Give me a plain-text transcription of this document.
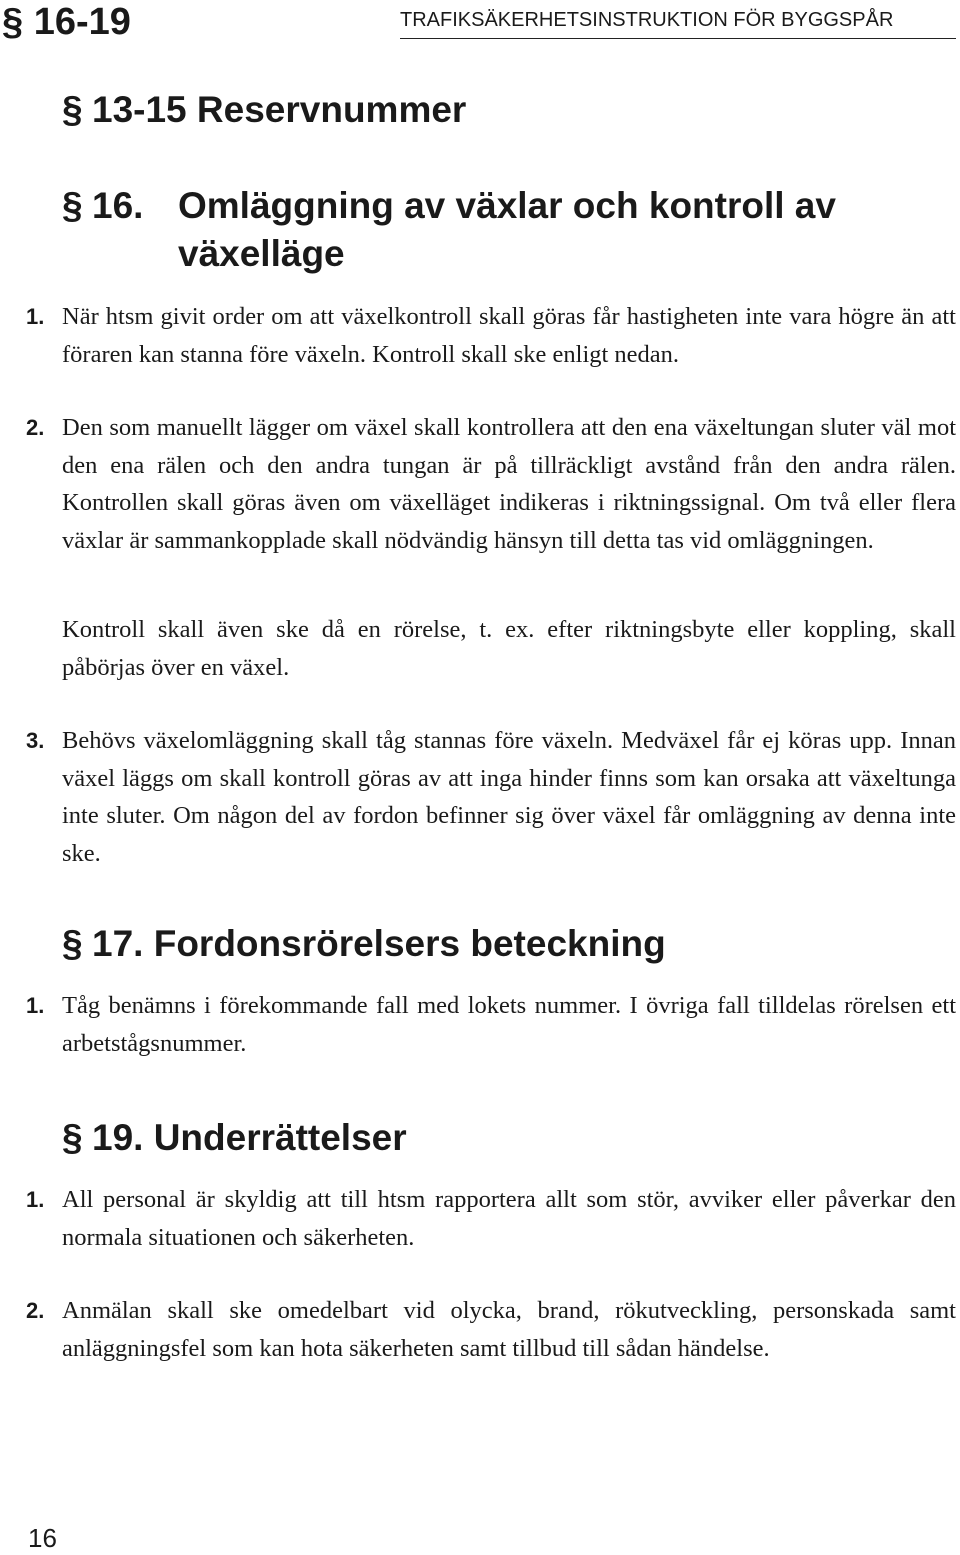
§ 16-19	TRAFIKSÄKERHETSINSTRUKTION FÖR BYGGSPÅR
§ 13-15 Reservnummer
§ 16. Omläggning av växlar och kontroll av
växelläge
1. När htsm givit order om att växelkontroll skall göras får hastigheten inte vara högre än att föraren kan stanna före växeln. Kontroll skall ske enligt nedan.
2. Den som manuellt lägger om växel skall kontrollera att den ena växeltungan sluter väl mot den ena rälen och den andra tungan är på tillräckligt avstånd från den andra rälen. Kontrollen skall göras även om växelläget indikeras i riktningssignal. Om två eller flera växlar är sammankopplade skall nödvändig hänsyn till detta tas vid omläggningen.
Kontroll skall även ske då en rörelse, t. ex. efter riktningsbyte eller koppling, skall påbörjas över en växel.
3. Behövs växelomläggning skall tåg stannas före växeln. Medväxel får ej köras upp. Innan växel läggs om skall kontroll göras av att inga hinder finns som kan orsaka att växeltunga inte sluter. Om någon del av fordon befinner sig över växel får omläggning av denna inte ske.
§ 17. Fordonsrörelsers beteckning
1. Tåg benämns i förekommande fall med lokets nummer. I övriga fall tilldelas rörelsen ett arbetstågsnummer.
§ 19. Underrättelser
1. All personal är skyldig att till htsm rapportera allt som stör, avviker eller påverkar den normala situationen och säkerheten.
2. Anmälan skall ske omedelbart vid olycka, brand, rökutveckling, personskada samt anläggningsfel som kan hota säkerheten samt tillbud till sådan händelse.
16
